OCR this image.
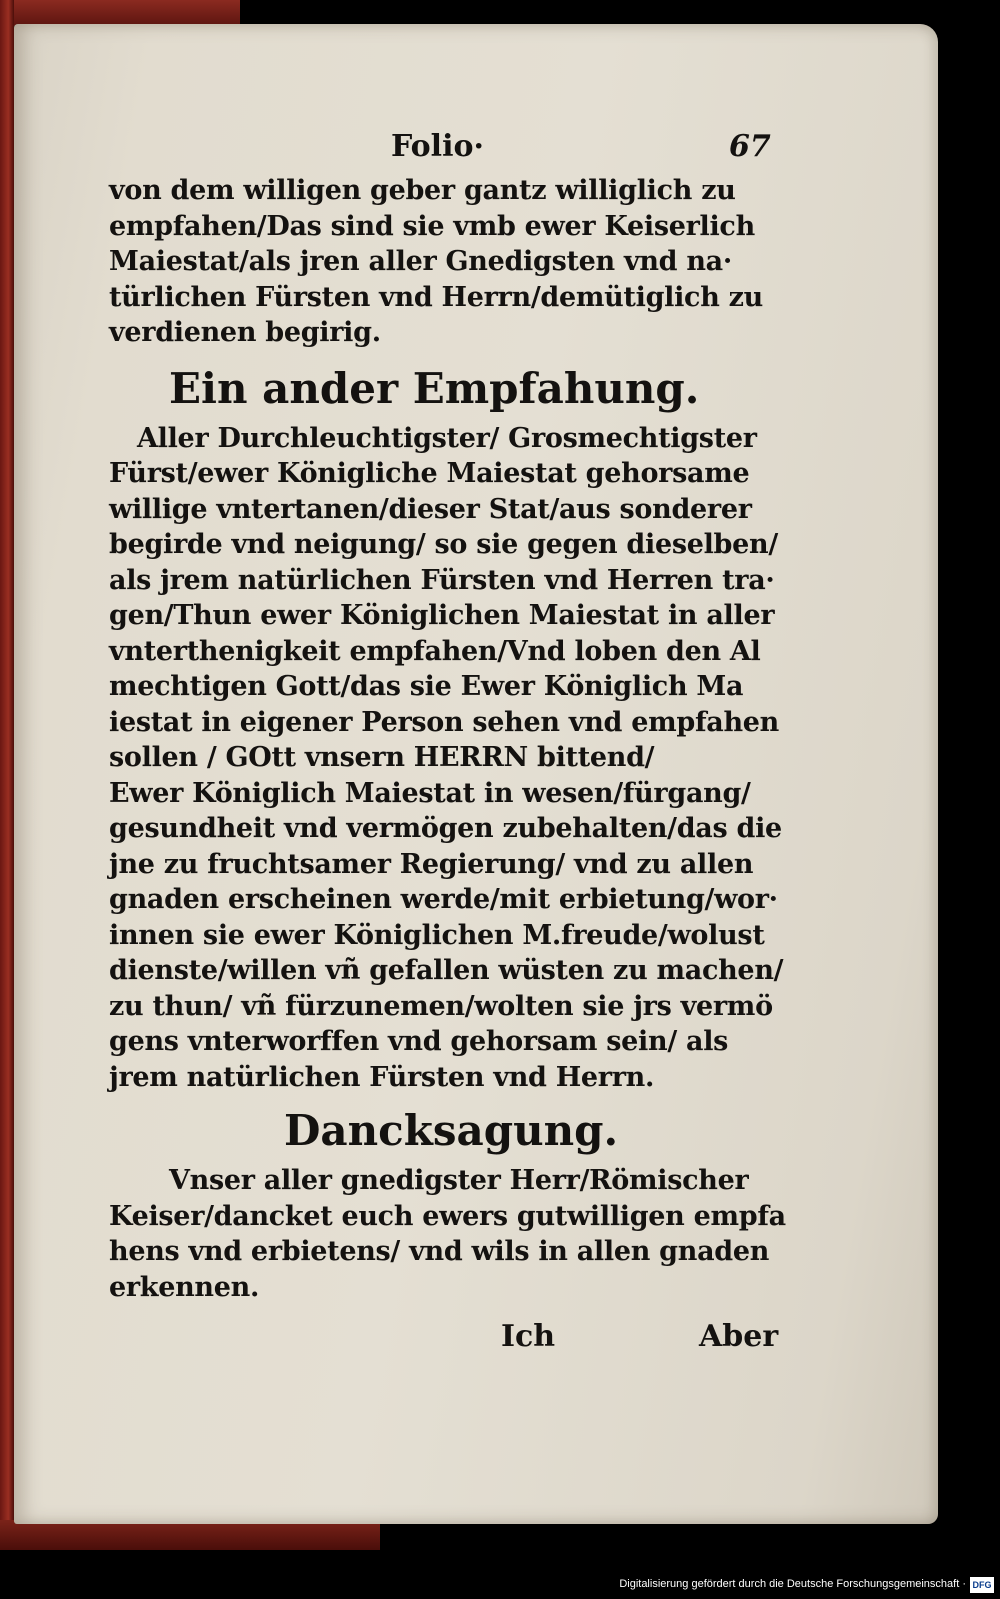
Folio·	67

von dem willigen geber gantz williglich zu

empfahen/Das sind sie vmb ewer Keiserlich

Maiestat/als jren aller Gnedigsten vnd na·

türlichen Fürsten vnd Herrn/demütiglich zu

verdienen begirig.

Ein ander Empfahung.

Aller Durchleuchtigster/ Grosmechtigster

Fürst/ewer Königliche Maiestat gehorsame

willige vntertanen/dieser Stat/aus sonderer

begirde vnd neigung/ so sie gegen dieselben/

als jrem natürlichen Fürsten vnd Herren tra·

gen/Thun ewer Königlichen Maiestat in aller

vnterthenigkeit empfahen/Vnd loben den Al

mechtigen Gott/das sie Ewer Königlich Ma

iestat in eigener Person sehen vnd empfahen

sollen / GOtt vnsern HERRN bittend/

Ewer Königlich Maiestat in wesen/fürgang/

gesundheit vnd vermögen zubehalten/das die

jne zu fruchtsamer Regierung/ vnd zu allen

gnaden erscheinen werde/mit erbietung/wor·

innen sie ewer Königlichen M.freude/wolust

dienste/willen vñ gefallen wüsten zu machen/

zu thun/ vñ fürzunemen/wolten sie jrs vermö

gens vnterworffen vnd gehorsam sein/ als

jrem natürlichen Fürsten vnd Herrn.

Dancksagung.

Vnser aller gnedigster Herr/Römischer

Keiser/dancket euch ewers gutwilligen empfa

hens vnd erbietens/ vnd wils in allen gnaden

erkennen.

Ich	Aber
Digitalisierung gefördert durch die Deutsche Forschungsgemeinschaft · DFG
